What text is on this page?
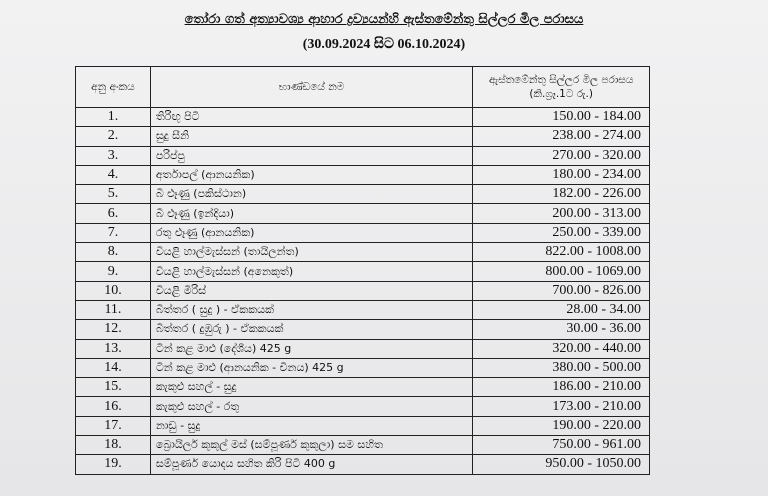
තෝරා ගත් අත්‍යාවශ්‍ය ආහාර ද්‍රව්‍යයන්හි ඇස්තමේන්තු සිල්ලර මිල පරාසය
(30.09.2024 සිට 06.10.2024)
අනු අංකය	භාණ්ඩයේ නම	ඇස්තමේන්තු සිල්ලර මිල පරාසය (කි.ග්‍රෑ.1ට රු.)
1.	තිරිඟු පිටි	150.00 - 184.00
2.	සුදු සීනි	238.00 - 274.00
3.	පරිප්පු	270.00 - 320.00
4.	අර්තාපල් (ආනයනික)	180.00 - 234.00
5.	බී ළූණු (පකිස්ථාන)	182.00 - 226.00
6.	බී ළූණු (ඉන්දියා)	200.00 - 313.00
7.	රතු ළූණු (ආනයනික)	250.00 - 339.00
8.	වියළි හාල්මැස්සන් (තායිලන්ත)	822.00 - 1008.00
9.	වියළි හාල්මැස්සන් (අනෙකුත්)	800.00 - 1069.00
10.	වියළි මිරිස්	700.00 - 826.00
11.	බිත්තර ( සුදු ) - ඒකකයක්	28.00 - 34.00
12.	බිත්තර ( දුඹුරු ) - ඒකකයක්	30.00 - 36.00
13.	ටින් කළ මාළු (දේශීය) 425 g	320.00 - 440.00
14.	ටින් කළ මාළු (ආනයනික - චීනය) 425 g	380.00 - 500.00
15.	කැකුළු සහල් - සුදු	186.00 - 210.00
16.	කැකුළු සහල් - රතු	173.00 - 210.00
17.	නාඩු - සුදු	190.00 - 220.00
18.	බ්‍රොයිලර් කුකුල් මස් (සම්පූර්ණ කුකුලා) සම සහිත	750.00 - 961.00
19.	සම්පූර්ණ යොදය සහිත කිරි පිටි 400 g	950.00 - 1050.00
